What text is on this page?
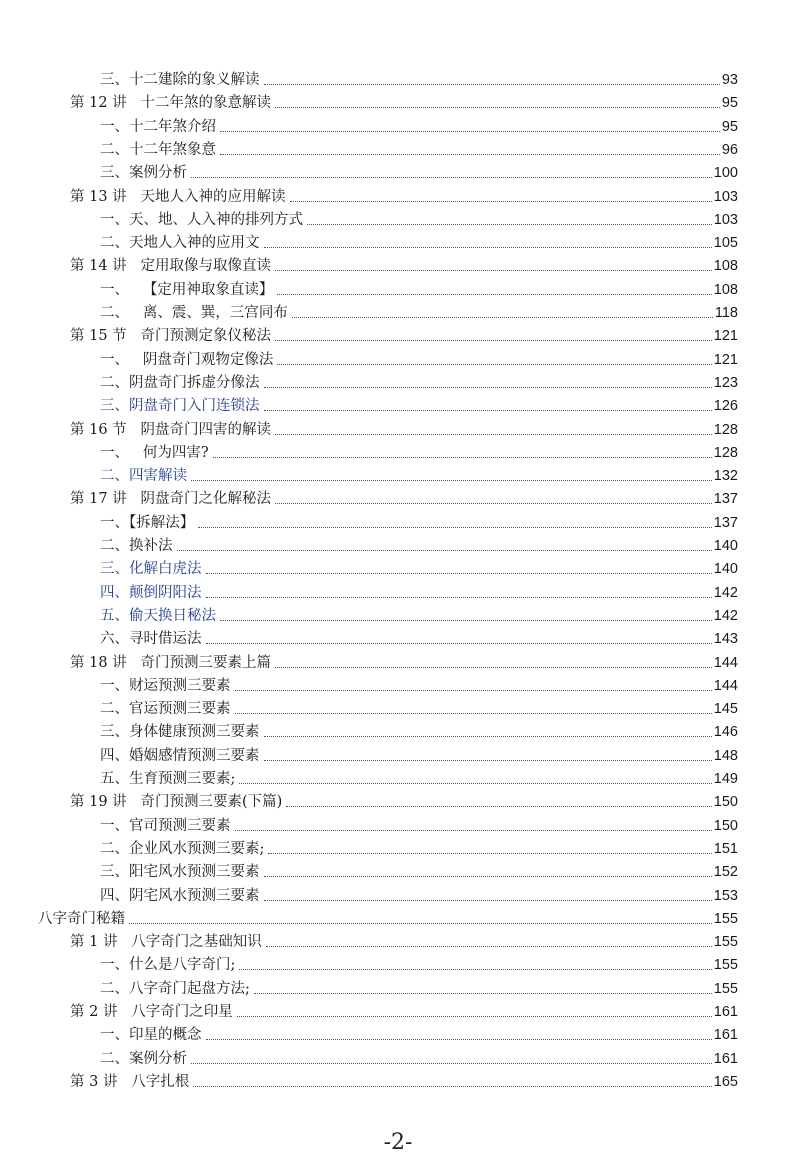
三、十二建除的象义解读	93
第 12 讲   十二年煞的象意解读	95
一、十二年煞介绍	95
二、十二年煞象意	96
三、案例分析	100
第 13 讲   天地人入神的应用解读	103
一、天、地、人入神的排列方式	103
二、天地人入神的应用文	105
第 14 讲   定用取像与取像直读	108
一、   【定用神取象直读】	108
二、   离、震、巽，三宫同布	118
第 15 节   奇门预测定象仪秘法	121
一、   阴盘奇门观物定像法	121
二、阴盘奇门拆虚分像法	123
三、阴盘奇门入门连锁法	126
第 16 节   阴盘奇门四害的解读	128
一、   何为四害?	128
二、四害解读	132
第 17 讲   阴盘奇门之化解秘法	137
一、【拆解法】	137
二、换补法	140
三、化解白虎法	140
四、颠倒阴阳法	142
五、偷天换日秘法	142
六、寻时借运法	143
第 18 讲   奇门预测三要素上篇	144
一、财运预测三要素	144
二、官运预测三要素	145
三、身体健康预测三要素	146
四、婚姻感情预测三要素	148
五、生育预测三要素;	149
第 19 讲   奇门预测三要素(下篇)	150
一、官司预测三要素	150
二、企业风水预测三要素;	151
三、阳宅风水预测三要素	152
四、阴宅风水预测三要素	153
八字奇门秘籍	155
第 1 讲   八字奇门之基础知识	155
一、什么是八字奇门;	155
二、八字奇门起盘方法;	155
第 2 讲   八字奇门之印星	161
一、印星的概念	161
二、案例分析	161
第 3 讲   八字扎根	165
-2-
